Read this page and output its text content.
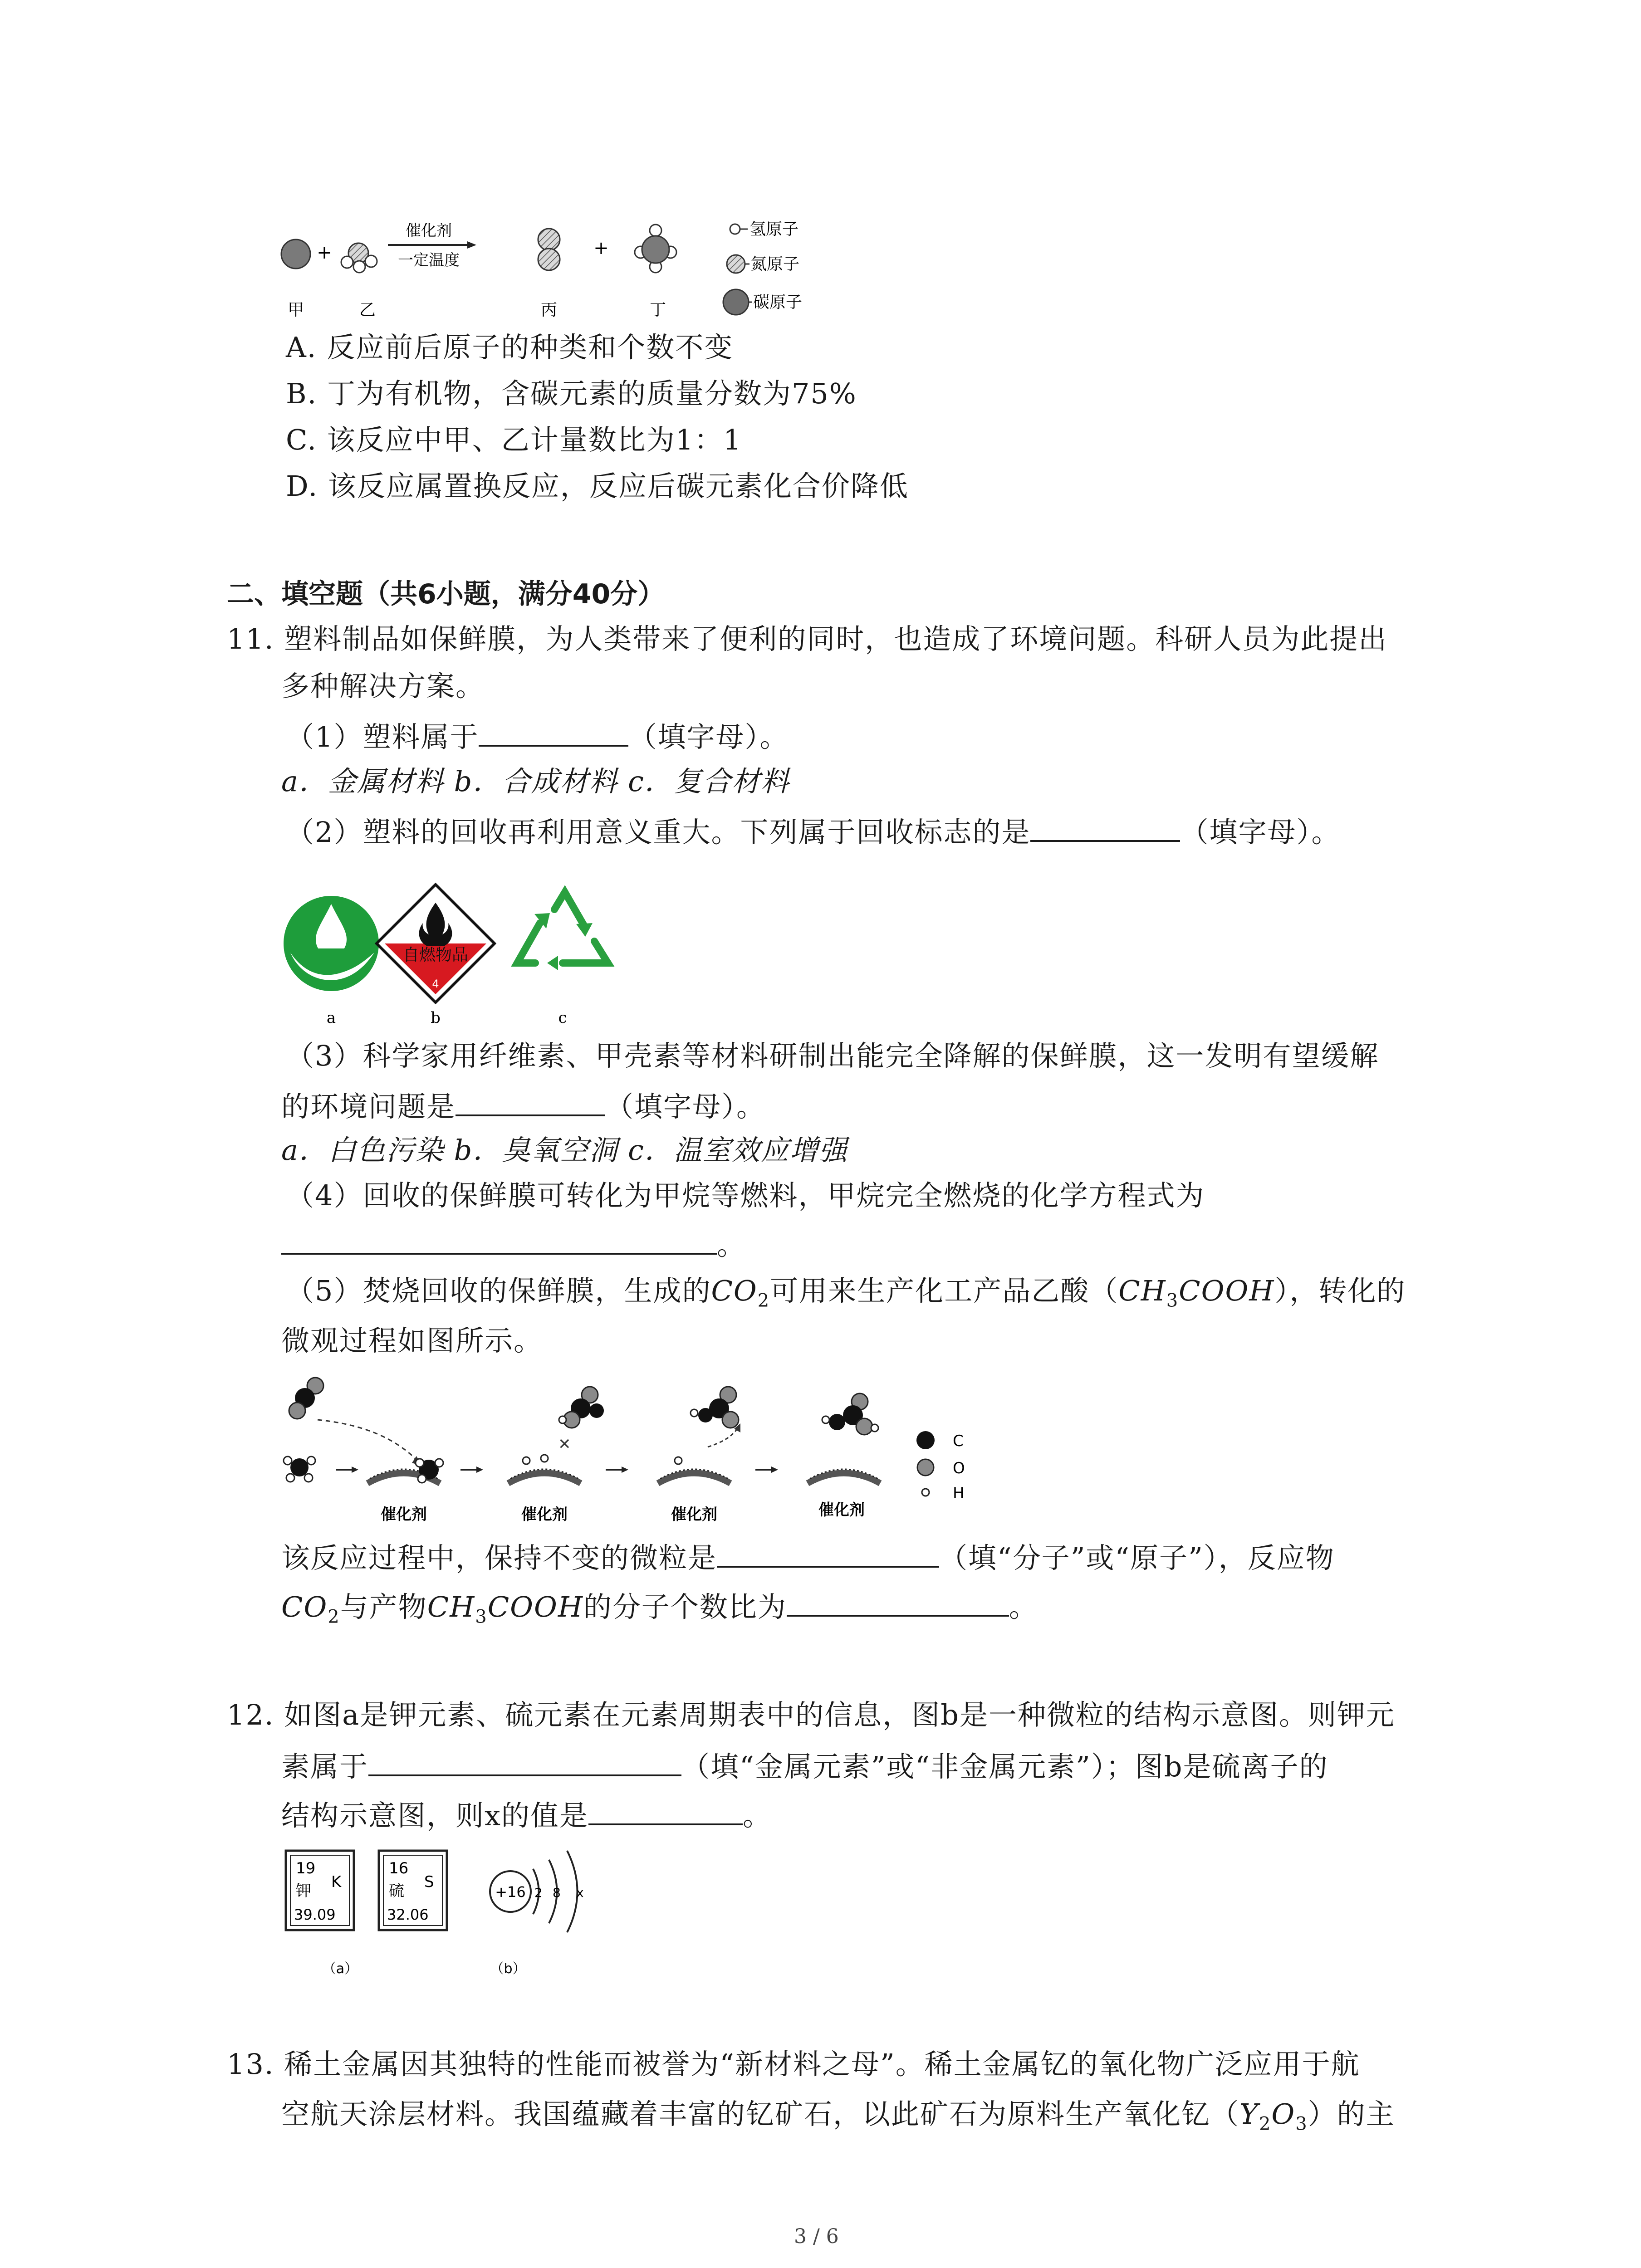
+
催化剂
一定温度
+
氢原子
氮原子
碳原子
甲	乙	丙	丁
A. 反应前后原子的种类和个数不变
B. 丁为有机物，含碳元素的质量分数为75%
C. 该反应中甲、乙计量数比为1：1
D. 该反应属置换反应，反应后碳元素化合价降低
二、填空题（共6小题，满分40分）
11. 塑料制品如保鲜膜，为人类带来了便利的同时，也造成了环境问题。科研人员为此提出
多种解决方案。
（1）塑料属于	（填字母）。
a．金属材料 b．合成材料 c．复合材料
（2）塑料的回收再利用意义重大。下列属于回收标志的是	（填字母）。
自燃物品
4
a	b	c
（3）科学家用纤维素、甲壳素等材料研制出能完全降解的保鲜膜，这一发明有望缓解
的环境问题是	（填字母）。
a．白色污染 b．臭氧空洞 c．温室效应增强
（4）回收的保鲜膜可转化为甲烷等燃料，甲烷完全燃烧的化学方程式为
。
（5）焚烧回收的保鲜膜，生成的$CO_2$可用来生产化工产品乙酸$(CH_3COOH)$，转化的
微观过程如图所示。
催化剂
✕
催化剂	催化剂	催化剂
C
O
H
该反应过程中，保持不变的微粒是	（填“分子”或“原子”），反应物
$CO_2$与产物$CH_3COOH$的分子个数比为	。
12. 如图a是钾元素、硫元素在元素周期表中的信息，图b是一种微粒的结构示意图。则钾元
素属于	（填“金属元素”或“非金属元素”）；图b是硫离子的
结构示意图，则x的值是	。
19
钾 K
39.09
16
硫 S
32.06
+16 2 8 x
（a）	（b）
13. 稀土金属因其独特的性能而被誉为“新材料之母”。稀土金属钇的氧化物广泛应用于航
空航天涂层材料。我国蕴藏着丰富的钇矿石，以此矿石为原料生产氧化钇$(Y_2O_3)$的主
3 / 6
